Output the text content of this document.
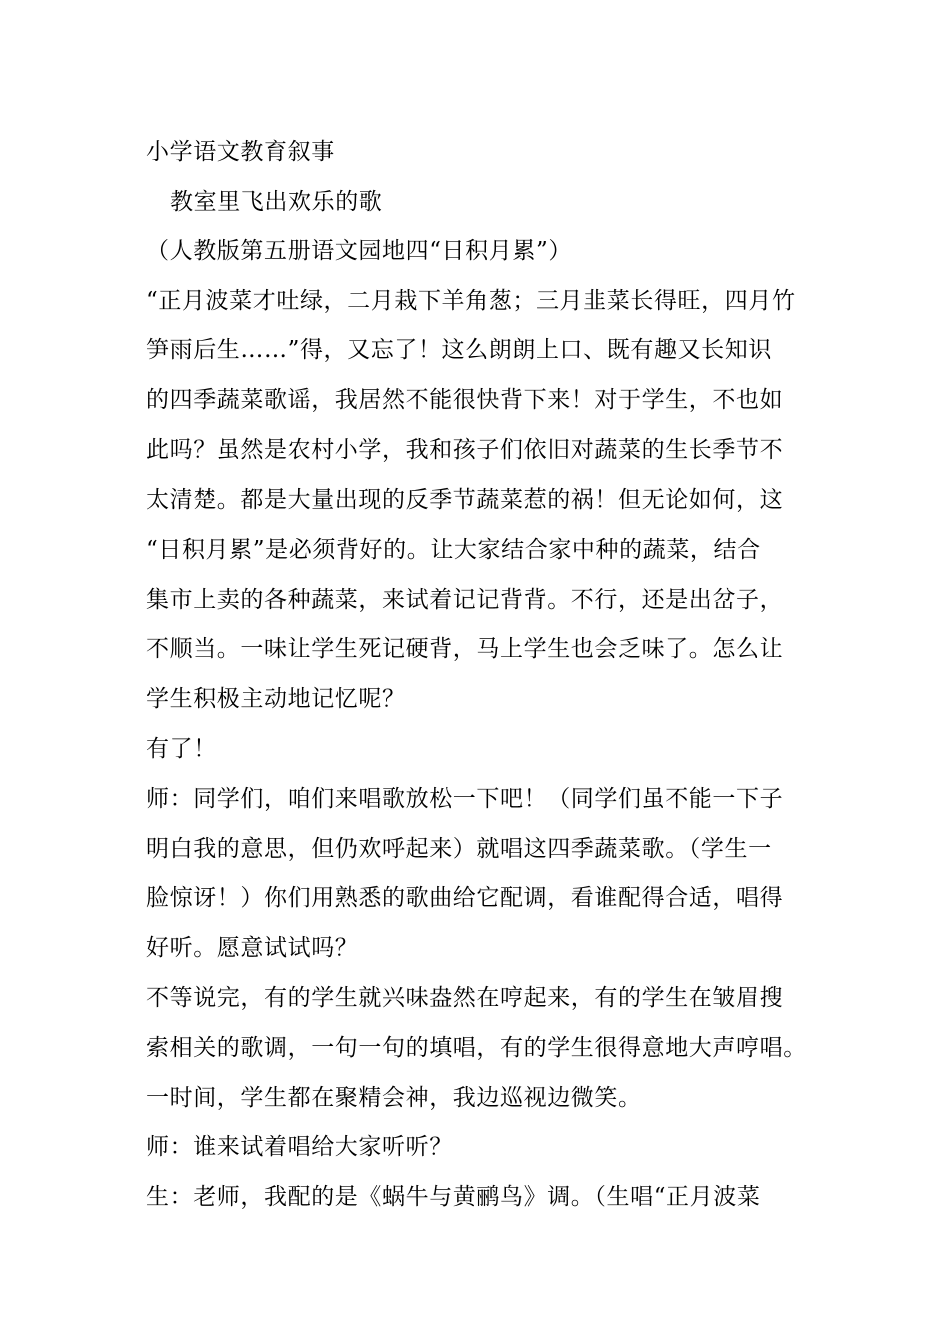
小学语文教育叙事
教室里飞出欢乐的歌
（人教版第五册语文园地四“日积月累”）
“正月波菜才吐绿，二月栽下羊角葱；三月韭菜长得旺，四月竹
笋雨后生……”得，又忘了！这么朗朗上口、既有趣又长知识
的四季蔬菜歌谣，我居然不能很快背下来！对于学生，不也如
此吗？虽然是农村小学，我和孩子们依旧对蔬菜的生长季节不
太清楚。都是大量出现的反季节蔬菜惹的祸！但无论如何，这
“日积月累”是必须背好的。让大家结合家中种的蔬菜，结合
集市上卖的各种蔬菜，来试着记记背背。不行，还是出岔子，
不顺当。一味让学生死记硬背，马上学生也会乏味了。怎么让
学生积极主动地记忆呢？
有了！
师：同学们，咱们来唱歌放松一下吧！（同学们虽不能一下子
明白我的意思，但仍欢呼起来）就唱这四季蔬菜歌。（学生一
脸惊讶！）你们用熟悉的歌曲给它配调，看谁配得合适，唱得
好听。愿意试试吗？
不等说完，有的学生就兴味盎然在哼起来，有的学生在皱眉搜
索相关的歌调，一句一句的填唱，有的学生很得意地大声哼唱。
一时间，学生都在聚精会神，我边巡视边微笑。
师：谁来试着唱给大家听听？
生：老师，我配的是《蜗牛与黄鹂鸟》调。（生唱“正月波菜
